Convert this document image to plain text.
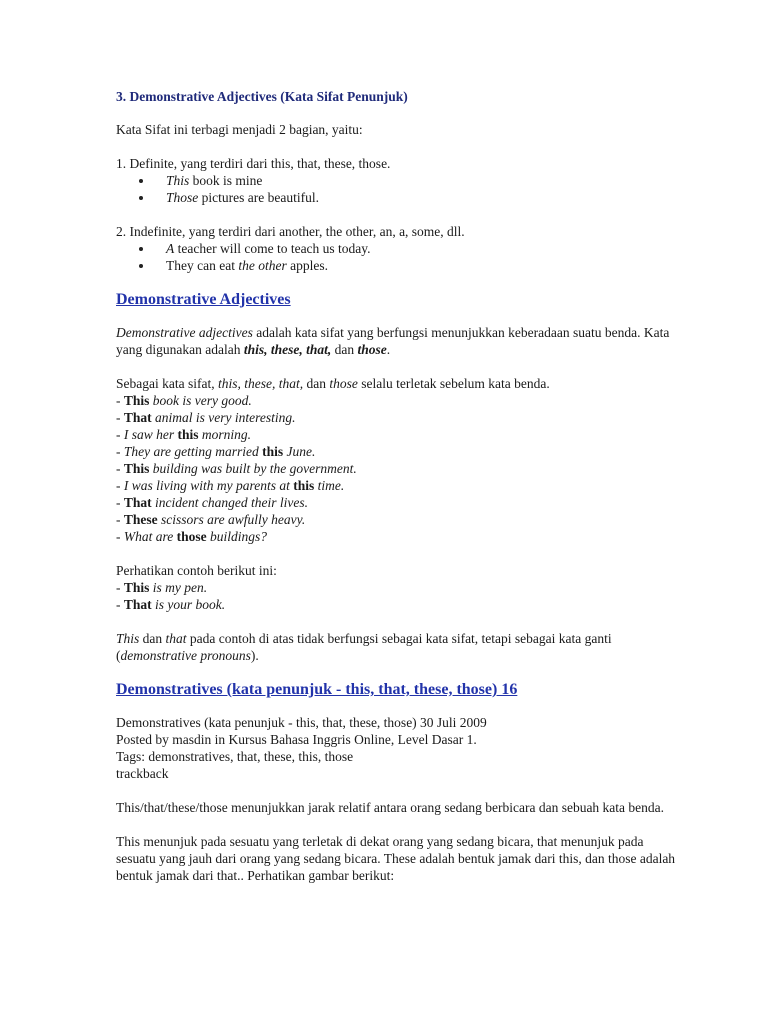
3. Demonstrative Adjectives (Kata Sifat Penunjuk)

Kata Sifat ini terbagi menjadi 2 bagian, yaitu:

1. Definite, yang terdiri dari this, that, these, those.

This book is mine
Those pictures are beautiful.

2. Indefinite, yang terdiri dari another, the other, an, a, some, dll.

A teacher will come to teach us today.
They can eat the other apples.
Demonstrative Adjectives

Demonstrative adjectives adalah kata sifat yang berfungsi menunjukkan keberadaan suatu benda. Kata yang digunakan adalah this, these, that, dan those.

Sebagai kata sifat, this, these, that, dan those selalu terletak sebelum kata benda.

- This book is very good.
- That animal is very interesting.
- I saw her this morning.
- They are getting married this June.
- This building was built by the government.
- I was living with my parents at this time.
- That incident changed their lives.
- These scissors are awfully heavy.
- What are those buildings?

Perhatikan contoh berikut ini:

- This is my pen.
- That is your book.

This dan that pada contoh di atas tidak berfungsi sebagai kata sifat, tetapi sebagai kata ganti (demonstrative pronouns).

Demonstratives (kata penunjuk - this, that, these, those) 16

Demonstratives (kata penunjuk - this, that, these, those) 30 Juli 2009

Posted by masdin in Kursus Bahasa Inggris Online, Level Dasar 1.

Tags: demonstratives, that, these, this, those

trackback

This/that/these/those menunjukkan jarak relatif antara orang sedang berbicara dan sebuah kata benda.

This menunjuk pada sesuatu yang terletak di dekat orang yang sedang bicara, that menunjuk pada sesuatu yang jauh dari orang yang sedang bicara. These adalah bentuk jamak dari this, dan those adalah bentuk jamak dari that.. Perhatikan gambar berikut:
